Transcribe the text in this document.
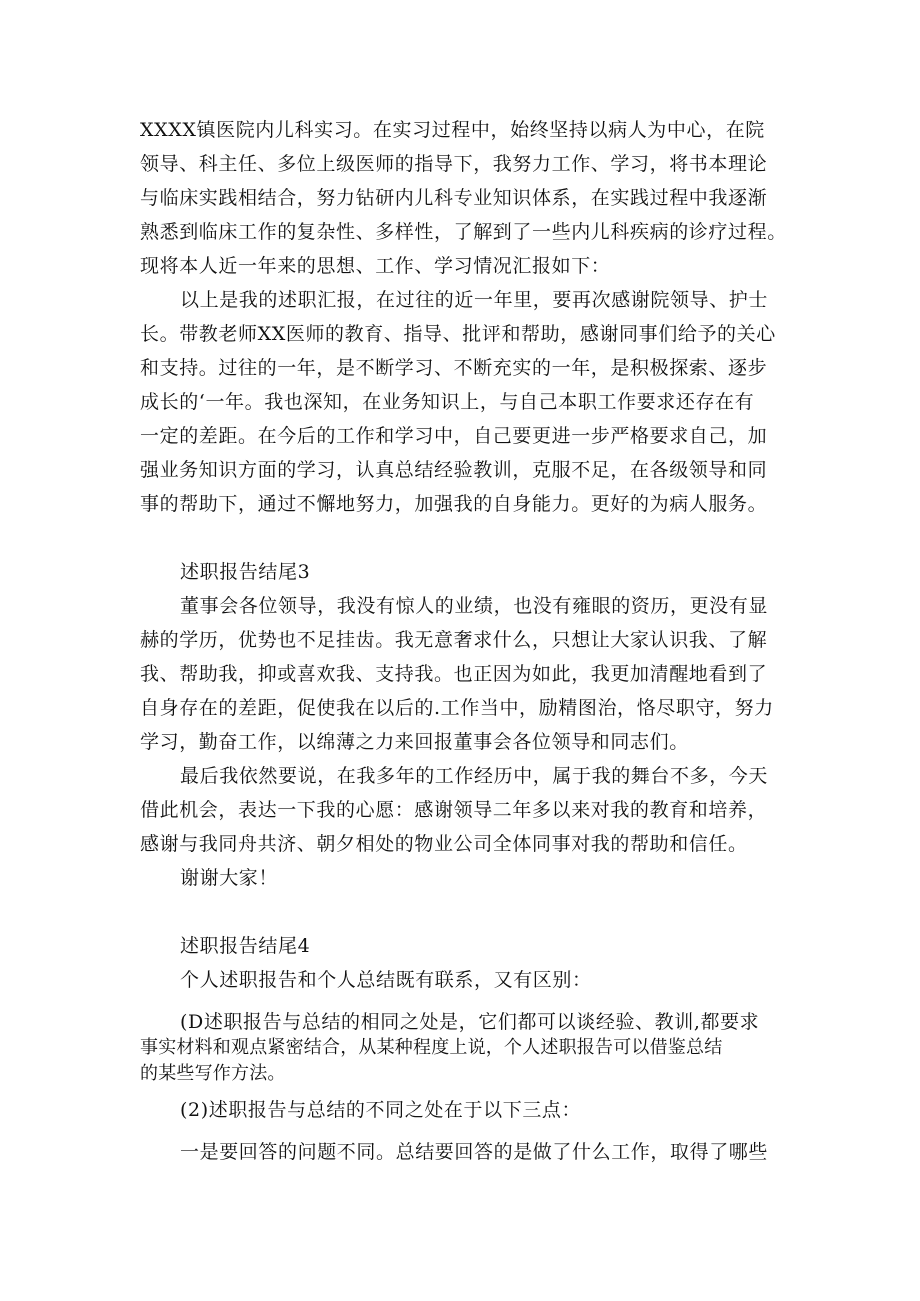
XXXX镇医院内儿科实习。在实习过程中，始终坚持以病人为中心，在院
领导、科主任、多位上级医师的指导下，我努力工作、学习，将书本理论
与临床实践相结合，努力钻研内儿科专业知识体系，在实践过程中我逐渐
熟悉到临床工作的复杂性、多样性，了解到了一些内儿科疾病的诊疗过程。
现将本人近一年来的思想、工作、学习情况汇报如下：
以上是我的述职汇报，在过往的近一年里，要再次感谢院领导、护士
长。带教老师XX医师的教育、指导、批评和帮助，感谢同事们给予的关心
和支持。过往的一年，是不断学习、不断充实的一年，是积极探索、逐步
成长的‘一年。我也深知，在业务知识上，与自己本职工作要求还存在有
一定的差距。在今后的工作和学习中，自己要更进一步严格要求自己，加
强业务知识方面的学习，认真总结经验教训，克服不足，在各级领导和同
事的帮助下，通过不懈地努力，加强我的自身能力。更好的为病人服务。
述职报告结尾3
董事会各位领导，我没有惊人的业绩，也没有雍眼的资历，更没有显
赫的学历，优势也不足挂齿。我无意奢求什么，只想让大家认识我、了解
我、帮助我，抑或喜欢我、支持我。也正因为如此，我更加清醒地看到了
自身存在的差距，促使我在以后的.工作当中，励精图治，恪尽职守，努力
学习，勤奋工作，以绵薄之力来回报董事会各位领导和同志们。
最后我依然要说，在我多年的工作经历中，属于我的舞台不多，今天
借此机会，表达一下我的心愿：感谢领导二年多以来对我的教育和培养，
感谢与我同舟共济、朝夕相处的物业公司全体同事对我的帮助和信任。
谢谢大家！
述职报告结尾4
个人述职报告和个人总结既有联系，又有区别：
(D述职报告与总结的相同之处是，它们都可以谈经验、教训,都要求
事实材料和观点紧密结合，从某种程度上说，个人述职报告可以借鉴总结
的某些写作方法。
(2)述职报告与总结的不同之处在于以下三点：
一是要回答的问题不同。总结要回答的是做了什么工作，取得了哪些
